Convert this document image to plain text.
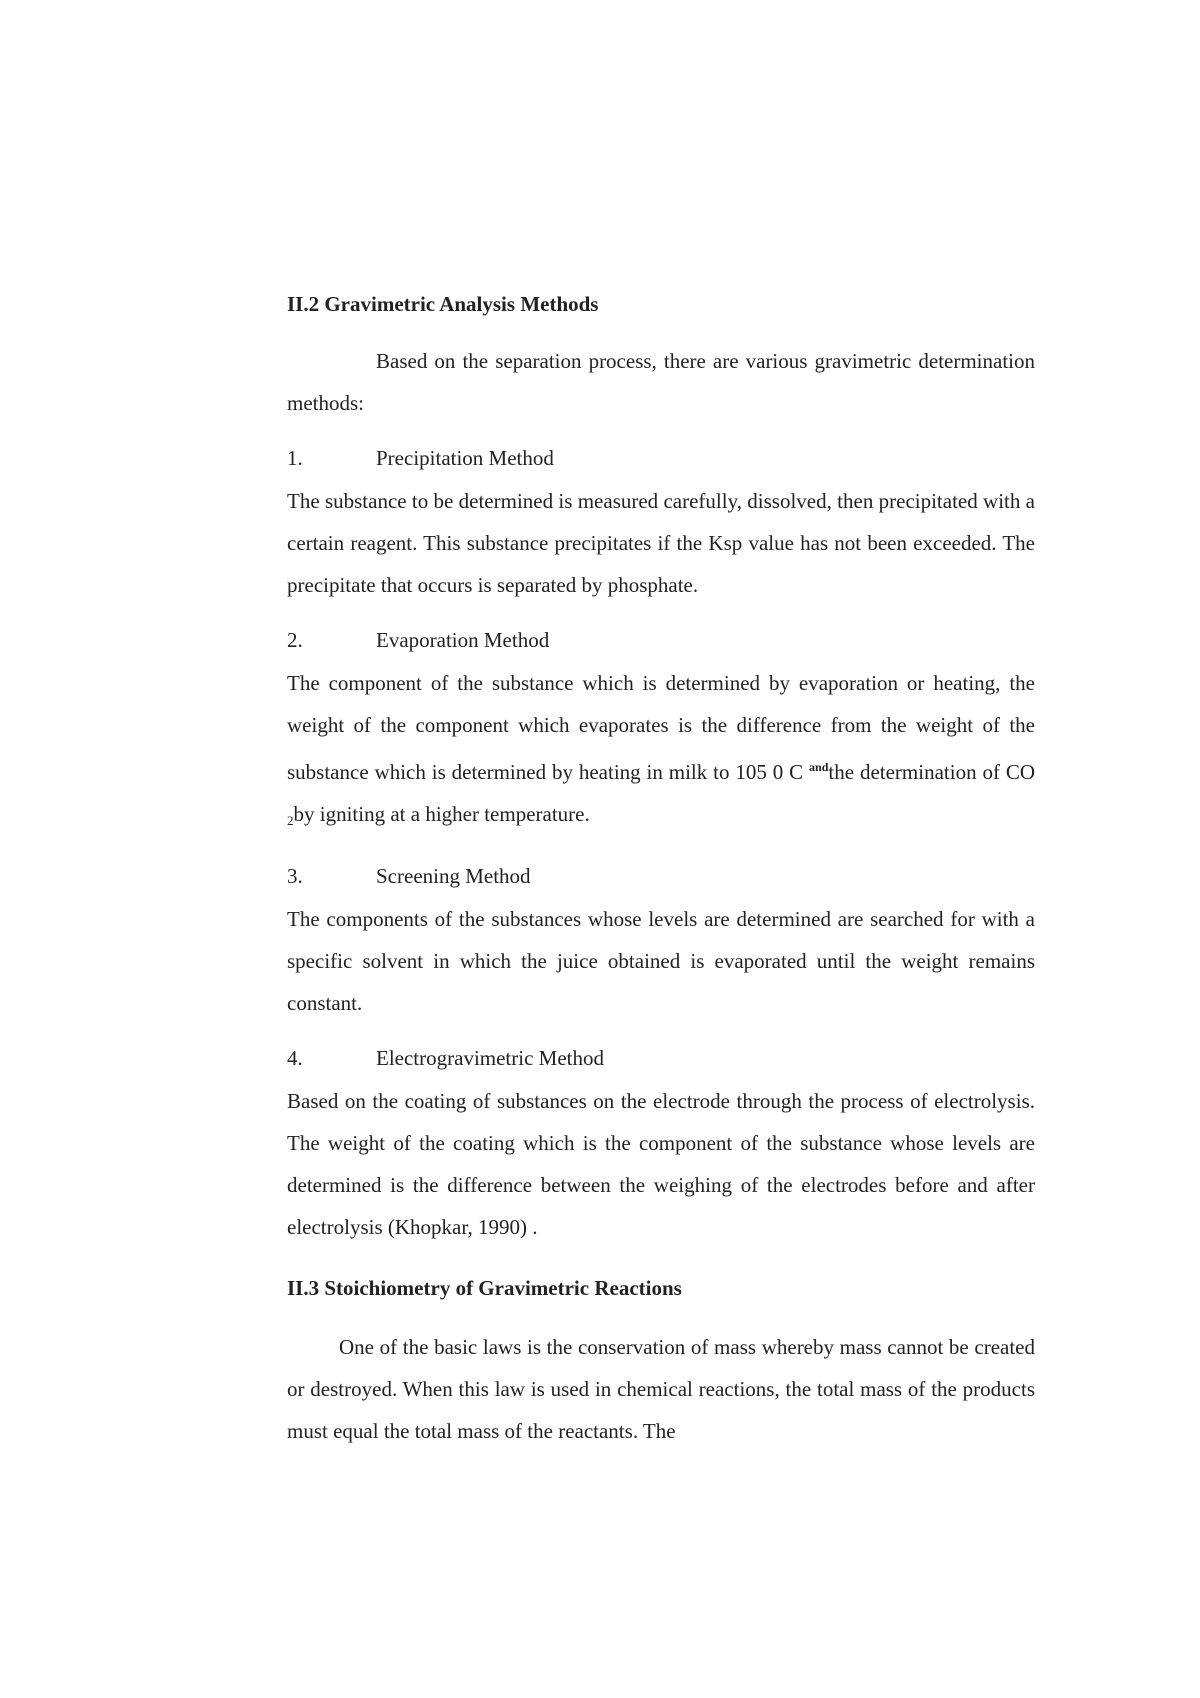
II.2 Gravimetric Analysis Methods

Based on the separation process, there are various gravimetric determination methods:

1.	Precipitation Method

The substance to be determined is measured carefully, dissolved, then precipitated with a certain reagent. This substance precipitates if the Ksp value has not been exceeded. The precipitate that occurs is separated by phosphate.

2.	Evaporation Method

The component of the substance which is determined by evaporation or heating, the weight of the component which evaporates is the difference from the weight of the substance which is determined by heating in milk to 105 0 C $^{and}$the determination of CO $_2$by igniting at a higher temperature.

3.	Screening Method

The components of the substances whose levels are determined are searched for with a specific solvent in which the juice obtained is evaporated until the weight remains constant.

4.	Electrogravimetric Method

Based on the coating of substances on the electrode through the process of electrolysis. The weight of the coating which is the component of the substance whose levels are determined is the difference between the weighing of the electrodes before and after electrolysis (Khopkar, 1990) .

II.3 Stoichiometry of Gravimetric Reactions

One of the basic laws is the conservation of mass whereby mass cannot be created or destroyed. When this law is used in chemical reactions, the total mass of the products must equal the total mass of the reactants. The
